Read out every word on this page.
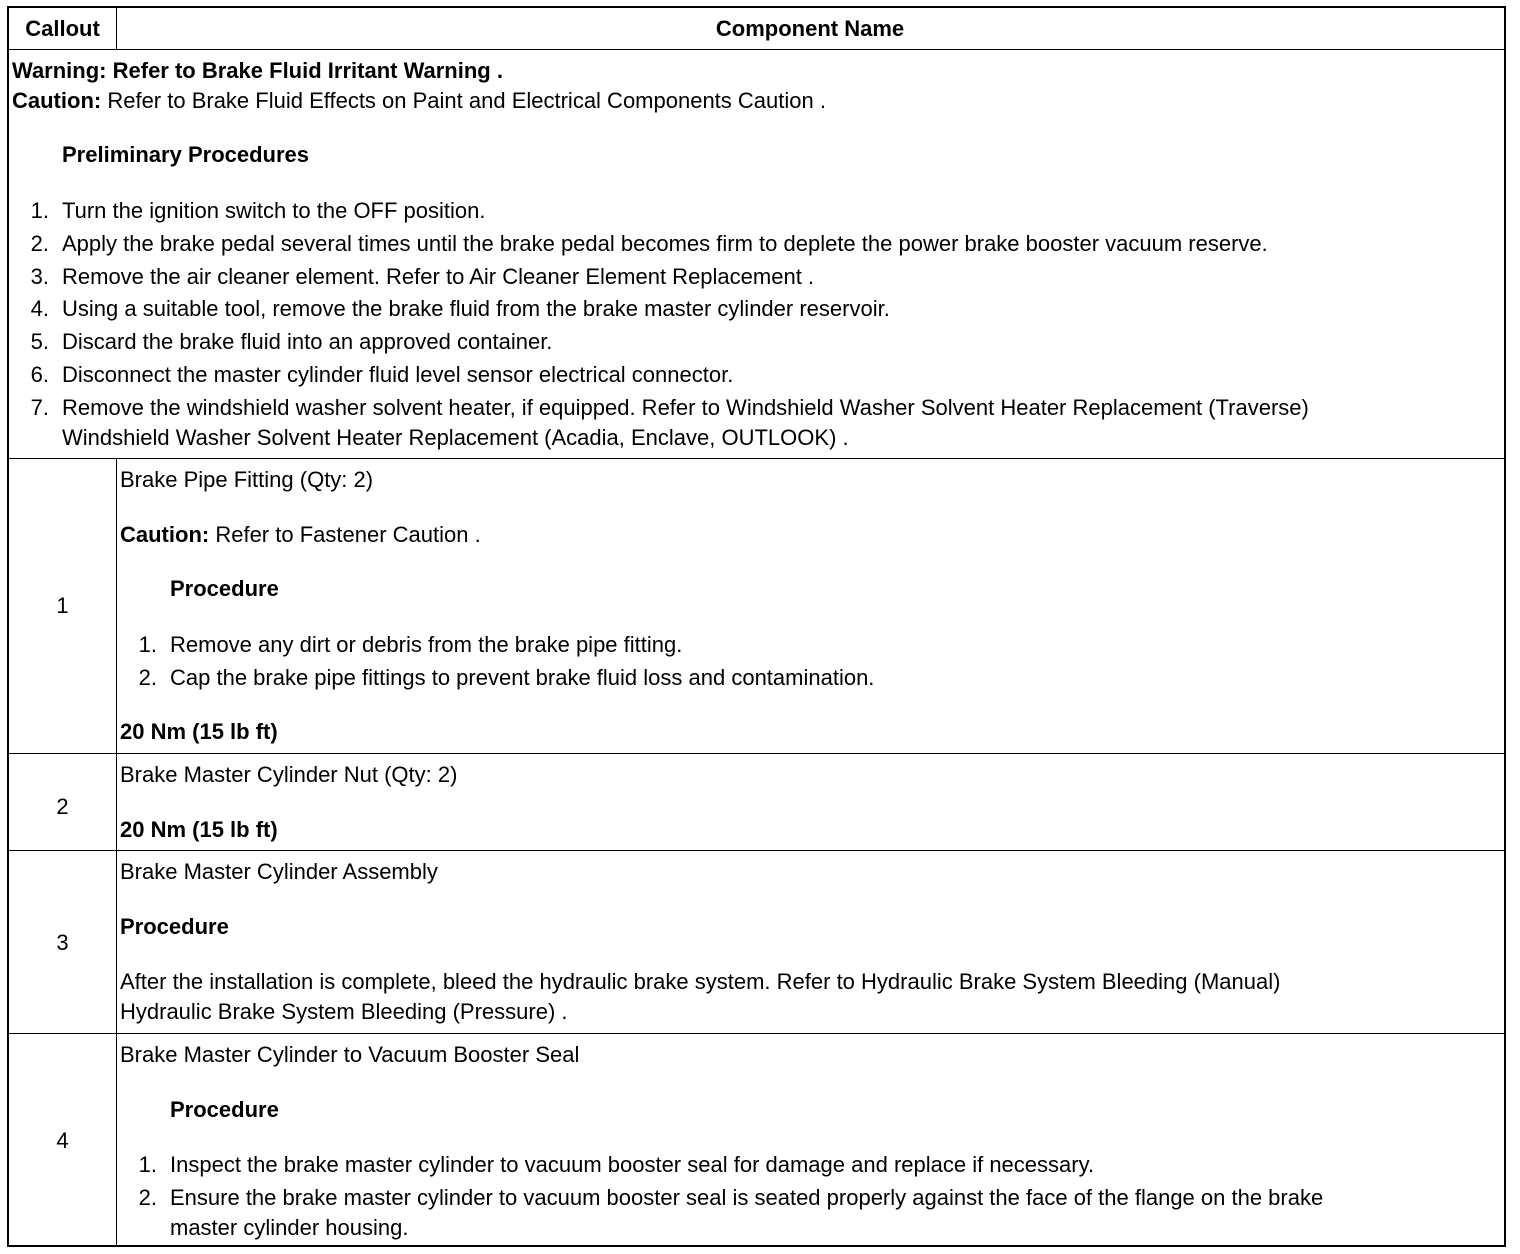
Callout	Component Name
Warning: Refer to Brake Fluid Irritant Warning .
Caution: Refer to Brake Fluid Effects on Paint and Electrical Components Caution .
Preliminary Procedures
1. Turn the ignition switch to the OFF position.
2. Apply the brake pedal several times until the brake pedal becomes firm to deplete the power brake booster vacuum reserve.
3. Remove the air cleaner element. Refer to Air Cleaner Element Replacement .
4. Using a suitable tool, remove the brake fluid from the brake master cylinder reservoir.
5. Discard the brake fluid into an approved container.
6. Disconnect the master cylinder fluid level sensor electrical connector.
7. Remove the windshield washer solvent heater, if equipped. Refer to Windshield Washer Solvent Heater Replacement (Traverse)
Windshield Washer Solvent Heater Replacement (Acadia, Enclave, OUTLOOK) .
1
Brake Pipe Fitting (Qty: 2)
Caution: Refer to Fastener Caution .
Procedure
1. Remove any dirt or debris from the brake pipe fitting.
2. Cap the brake pipe fittings to prevent brake fluid loss and contamination.
20 Nm (15 lb ft)
2
Brake Master Cylinder Nut (Qty: 2)
20 Nm (15 lb ft)
3
Brake Master Cylinder Assembly
Procedure
After the installation is complete, bleed the hydraulic brake system. Refer to Hydraulic Brake System Bleeding (Manual)
Hydraulic Brake System Bleeding (Pressure) .
4
Brake Master Cylinder to Vacuum Booster Seal
Procedure
1. Inspect the brake master cylinder to vacuum booster seal for damage and replace if necessary.
2. Ensure the brake master cylinder to vacuum booster seal is seated properly against the face of the flange on the brake
master cylinder housing.
